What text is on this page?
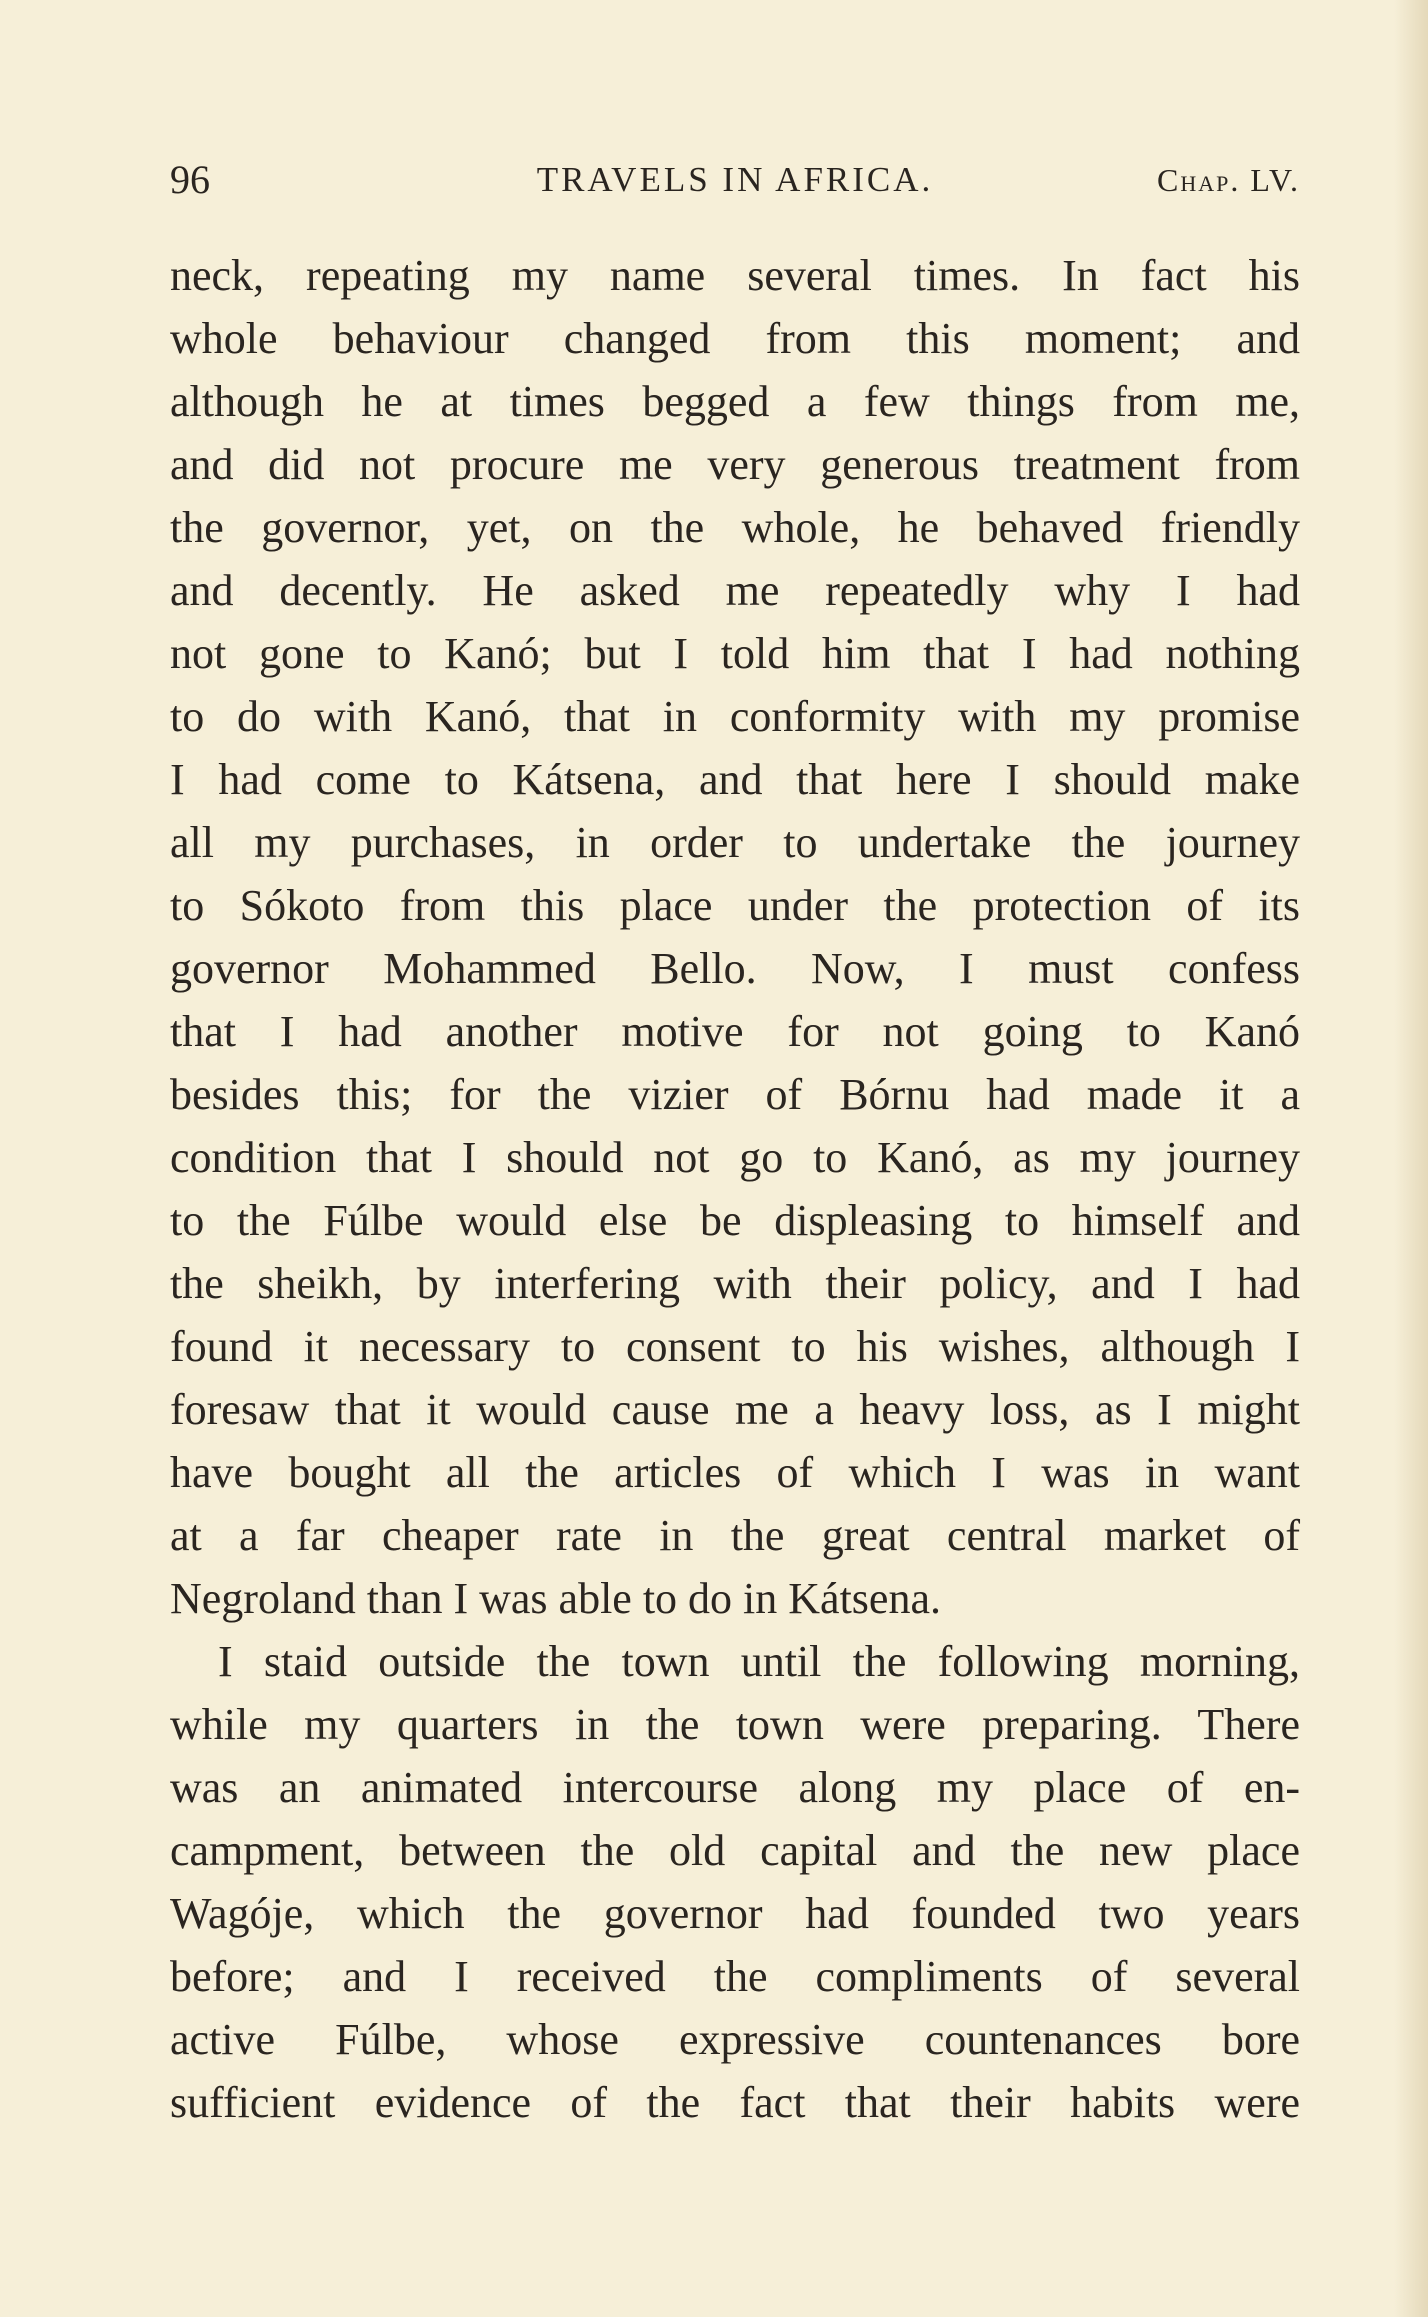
96	TRAVELS IN AFRICA.	Chap. LV.
neck, repeating my name several times. In fact his
whole behaviour changed from this moment; and
although he at times begged a few things from me,
and did not procure me very generous treatment from
the governor, yet, on the whole, he behaved friendly
and decently. He asked me repeatedly why I had
not gone to Kanó; but I told him that I had nothing
to do with Kanó, that in conformity with my promise
I had come to Kátsena, and that here I should make
all my purchases, in order to undertake the journey
to Sókoto from this place under the protection of its
governor Mohammed Bello. Now, I must confess
that I had another motive for not going to Kanó
besides this; for the vizier of Bórnu had made it a
condition that I should not go to Kanó, as my journey
to the Fúlbe would else be displeasing to himself and
the sheikh, by interfering with their policy, and I had
found it necessary to consent to his wishes, although I
foresaw that it would cause me a heavy loss, as I might
have bought all the articles of which I was in want
at a far cheaper rate in the great central market of
Negroland than I was able to do in Kátsena.
I staid outside the town until the following morning,
while my quarters in the town were preparing. There
was an animated intercourse along my place of en-
campment, between the old capital and the new place
Wagóje, which the governor had founded two years
before; and I received the compliments of several
active Fúlbe, whose expressive countenances bore
sufficient evidence of the fact that their habits were
